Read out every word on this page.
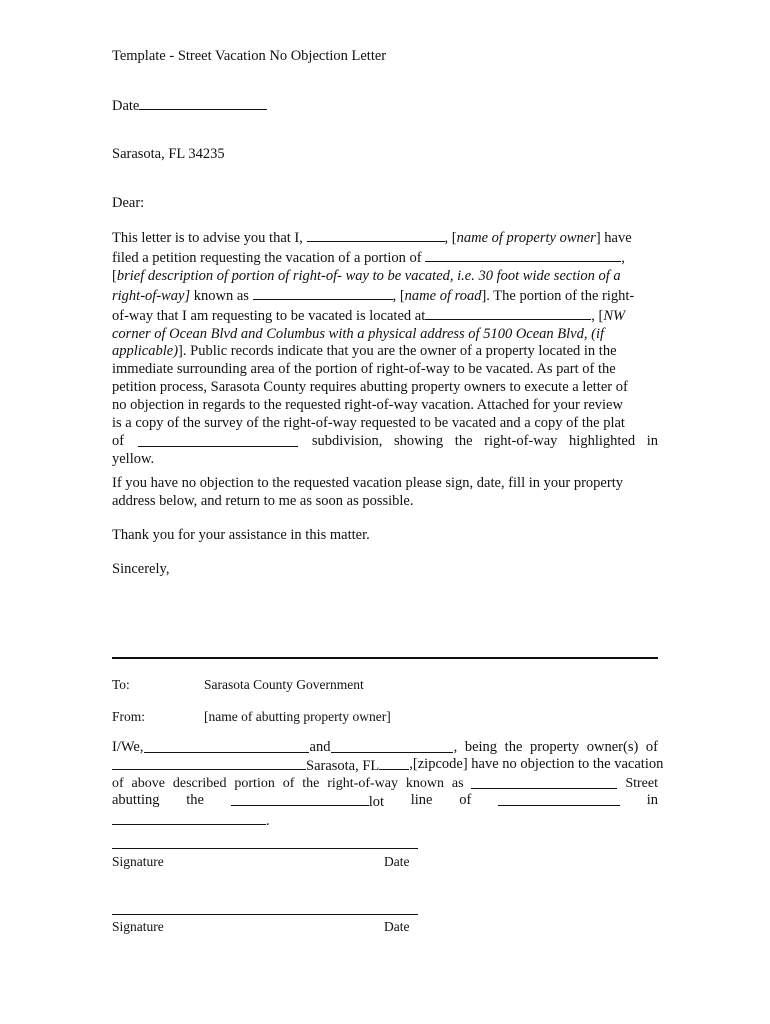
Template - Street Vacation No Objection Letter
Date
Sarasota, FL 34235
Dear:
This letter is to advise you that I,	, [name of property owner] have
filed a petition requesting the vacation of a portion of	,
[brief description of portion of right-of- way to be vacated, i.e. 30 foot wide section of a
right-of-way] known as	, [name of road]. The portion of the right-
of-way that I am requesting to be vacated is located at	, [NW
corner of Ocean Blvd and Columbus with a physical address of 5100 Ocean Blvd, (if
applicable)]. Public records indicate that you are the owner of a property located in the
immediate surrounding area of the portion of right-of-way to be vacated. As part of the
petition process, Sarasota County requires abutting property owners to execute a letter of
no objection in regards to the requested right-of-way vacation. Attached for your review
is a copy of the survey of the right-of-way requested to be vacated and a copy of the plat
of	subdivision, showing the right-of-way highlighted in
yellow.
If you have no objection to the requested vacation please sign, date, fill in your property
address below, and return to me as soon as possible.
Thank you for your assistance in this matter.
Sincerely,
To:	Sarasota County Government
From:	[name of abutting property owner]
I/We,	and	, being the property owner(s) of
Sarasota, FL	,[zipcode] have no objection to the vacation
of above described portion of the right-of-way known as	Street
abutting the	lot line of	in
.
Signature	Date
Signature	Date
